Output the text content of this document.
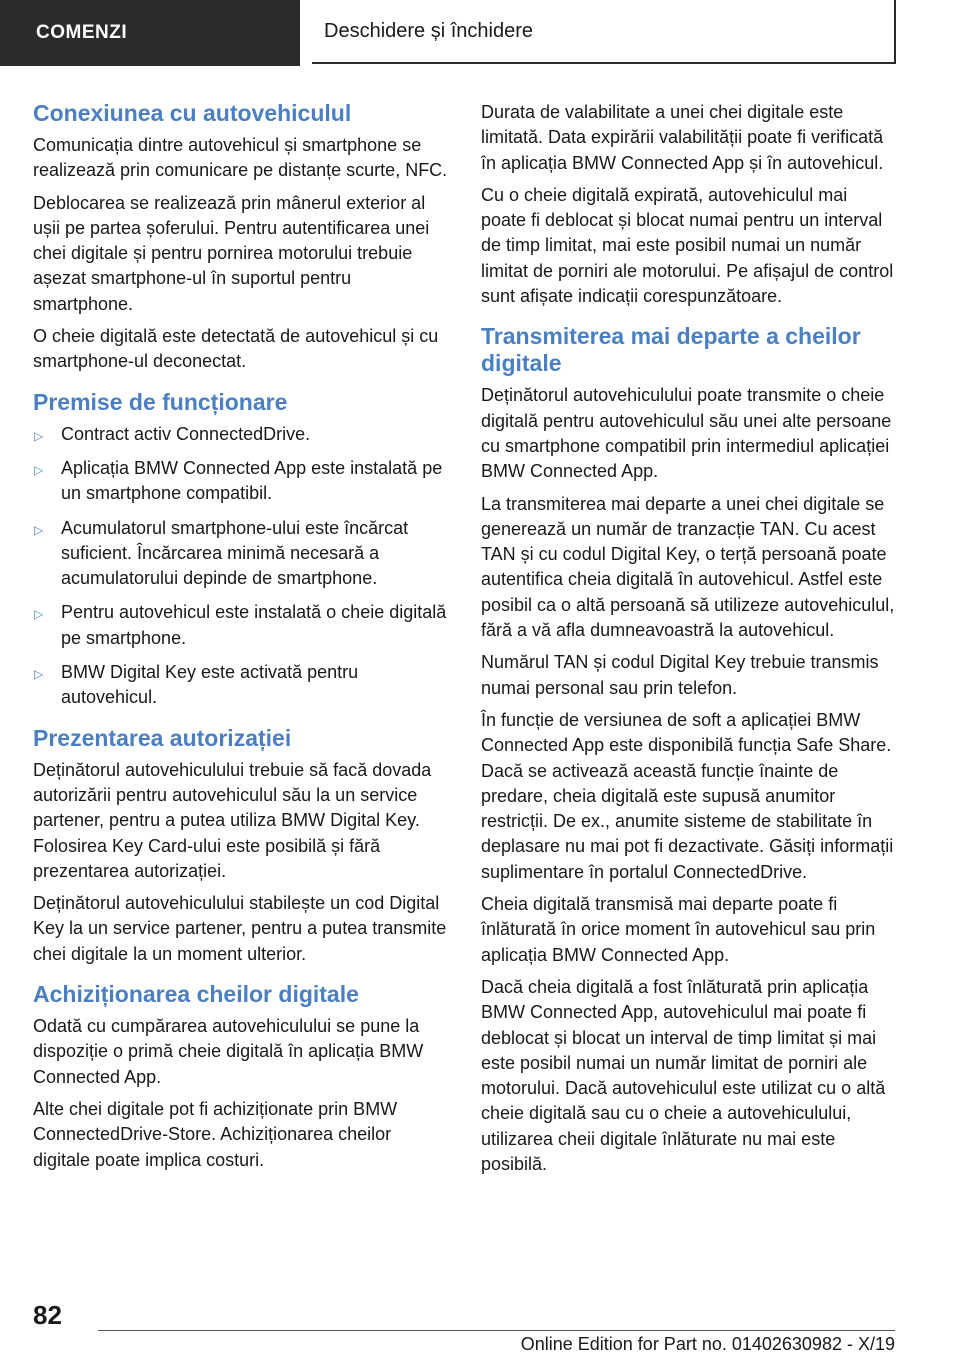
COMENZI	Deschidere și închidere
Conexiunea cu autovehiculul

Comunicația dintre autovehicul și smartphone se realizează prin comunicare pe distanțe scurte, NFC.

Deblocarea se realizează prin mânerul exterior al ușii pe partea șoferului. Pentru autentificarea unei chei digitale și pentru pornirea motorului trebuie așezat smartphone-ul în suportul pentru smartphone.

O cheie digitală este detectată de autovehicul și cu smartphone-ul deconectat.

Premise de funcționare
▷ Contract activ ConnectedDrive.
▷ Aplicația BMW Connected App este instalată pe un smartphone compatibil.
▷ Acumulatorul smartphone-ului este încărcat suficient. Încărcarea minimă necesară a acumulatorului depinde de smartphone.
▷ Pentru autovehicul este instalată o cheie digitală pe smartphone.
▷ BMW Digital Key este activată pentru autovehicul.
Prezentarea autorizației

Deținătorul autovehiculului trebuie să facă dovada autorizării pentru autovehiculul său la un service partener, pentru a putea utiliza BMW Digital Key. Folosirea Key Card-ului este posibilă și fără prezentarea autorizației.

Deținătorul autovehiculului stabilește un cod Digital Key la un service partener, pentru a putea transmite chei digitale la un moment ulterior.

Achiziționarea cheilor digitale

Odată cu cumpărarea autovehiculului se pune la dispoziție o primă cheie digitală în aplicația BMW Connected App.

Alte chei digitale pot fi achiziționate prin BMW ConnectedDrive-Store. Achiziționarea cheilor digitale poate implica costuri.

Durata de valabilitate a unei chei digitale este limitată. Data expirării valabilității poate fi verificată în aplicația BMW Connected App și în autovehicul.

Cu o cheie digitală expirată, autovehiculul mai poate fi deblocat și blocat numai pentru un interval de timp limitat, mai este posibil numai un număr limitat de porniri ale motorului. Pe afișajul de control sunt afișate indicații corespunzătoare.

Transmiterea mai departe a cheilor digitale

Deținătorul autovehiculului poate transmite o cheie digitală pentru autovehiculul său unei alte persoane cu smartphone compatibil prin intermediul aplicației BMW Connected App.

La transmiterea mai departe a unei chei digitale se generează un număr de tranzacție TAN. Cu acest TAN și cu codul Digital Key, o terță persoană poate autentifica cheia digitală în autovehicul. Astfel este posibil ca o altă persoană să utilizeze autovehiculul, fără a vă afla dumneavoastră la autovehicul.

Numărul TAN și codul Digital Key trebuie transmis numai personal sau prin telefon.

În funcție de versiunea de soft a aplicației BMW Connected App este disponibilă funcția Safe Share. Dacă se activează această funcție înainte de predare, cheia digitală este supusă anumitor restricții. De ex., anumite sisteme de stabilitate în deplasare nu mai pot fi dezactivate. Găsiți informații suplimentare în portalul ConnectedDrive.

Cheia digitală transmisă mai departe poate fi înlăturată în orice moment în autovehicul sau prin aplicația BMW Connected App.

Dacă cheia digitală a fost înlăturată prin aplicația BMW Connected App, autovehiculul mai poate fi deblocat și blocat un interval de timp limitat și mai este posibil numai un număr limitat de porniri ale motorului. Dacă autovehiculul este utilizat cu o altă cheie digitală sau cu o cheie a autovehiculului, utilizarea cheii digitale înlăturate nu mai este posibilă.

82
Online Edition for Part no. 01402630982 - X/19
